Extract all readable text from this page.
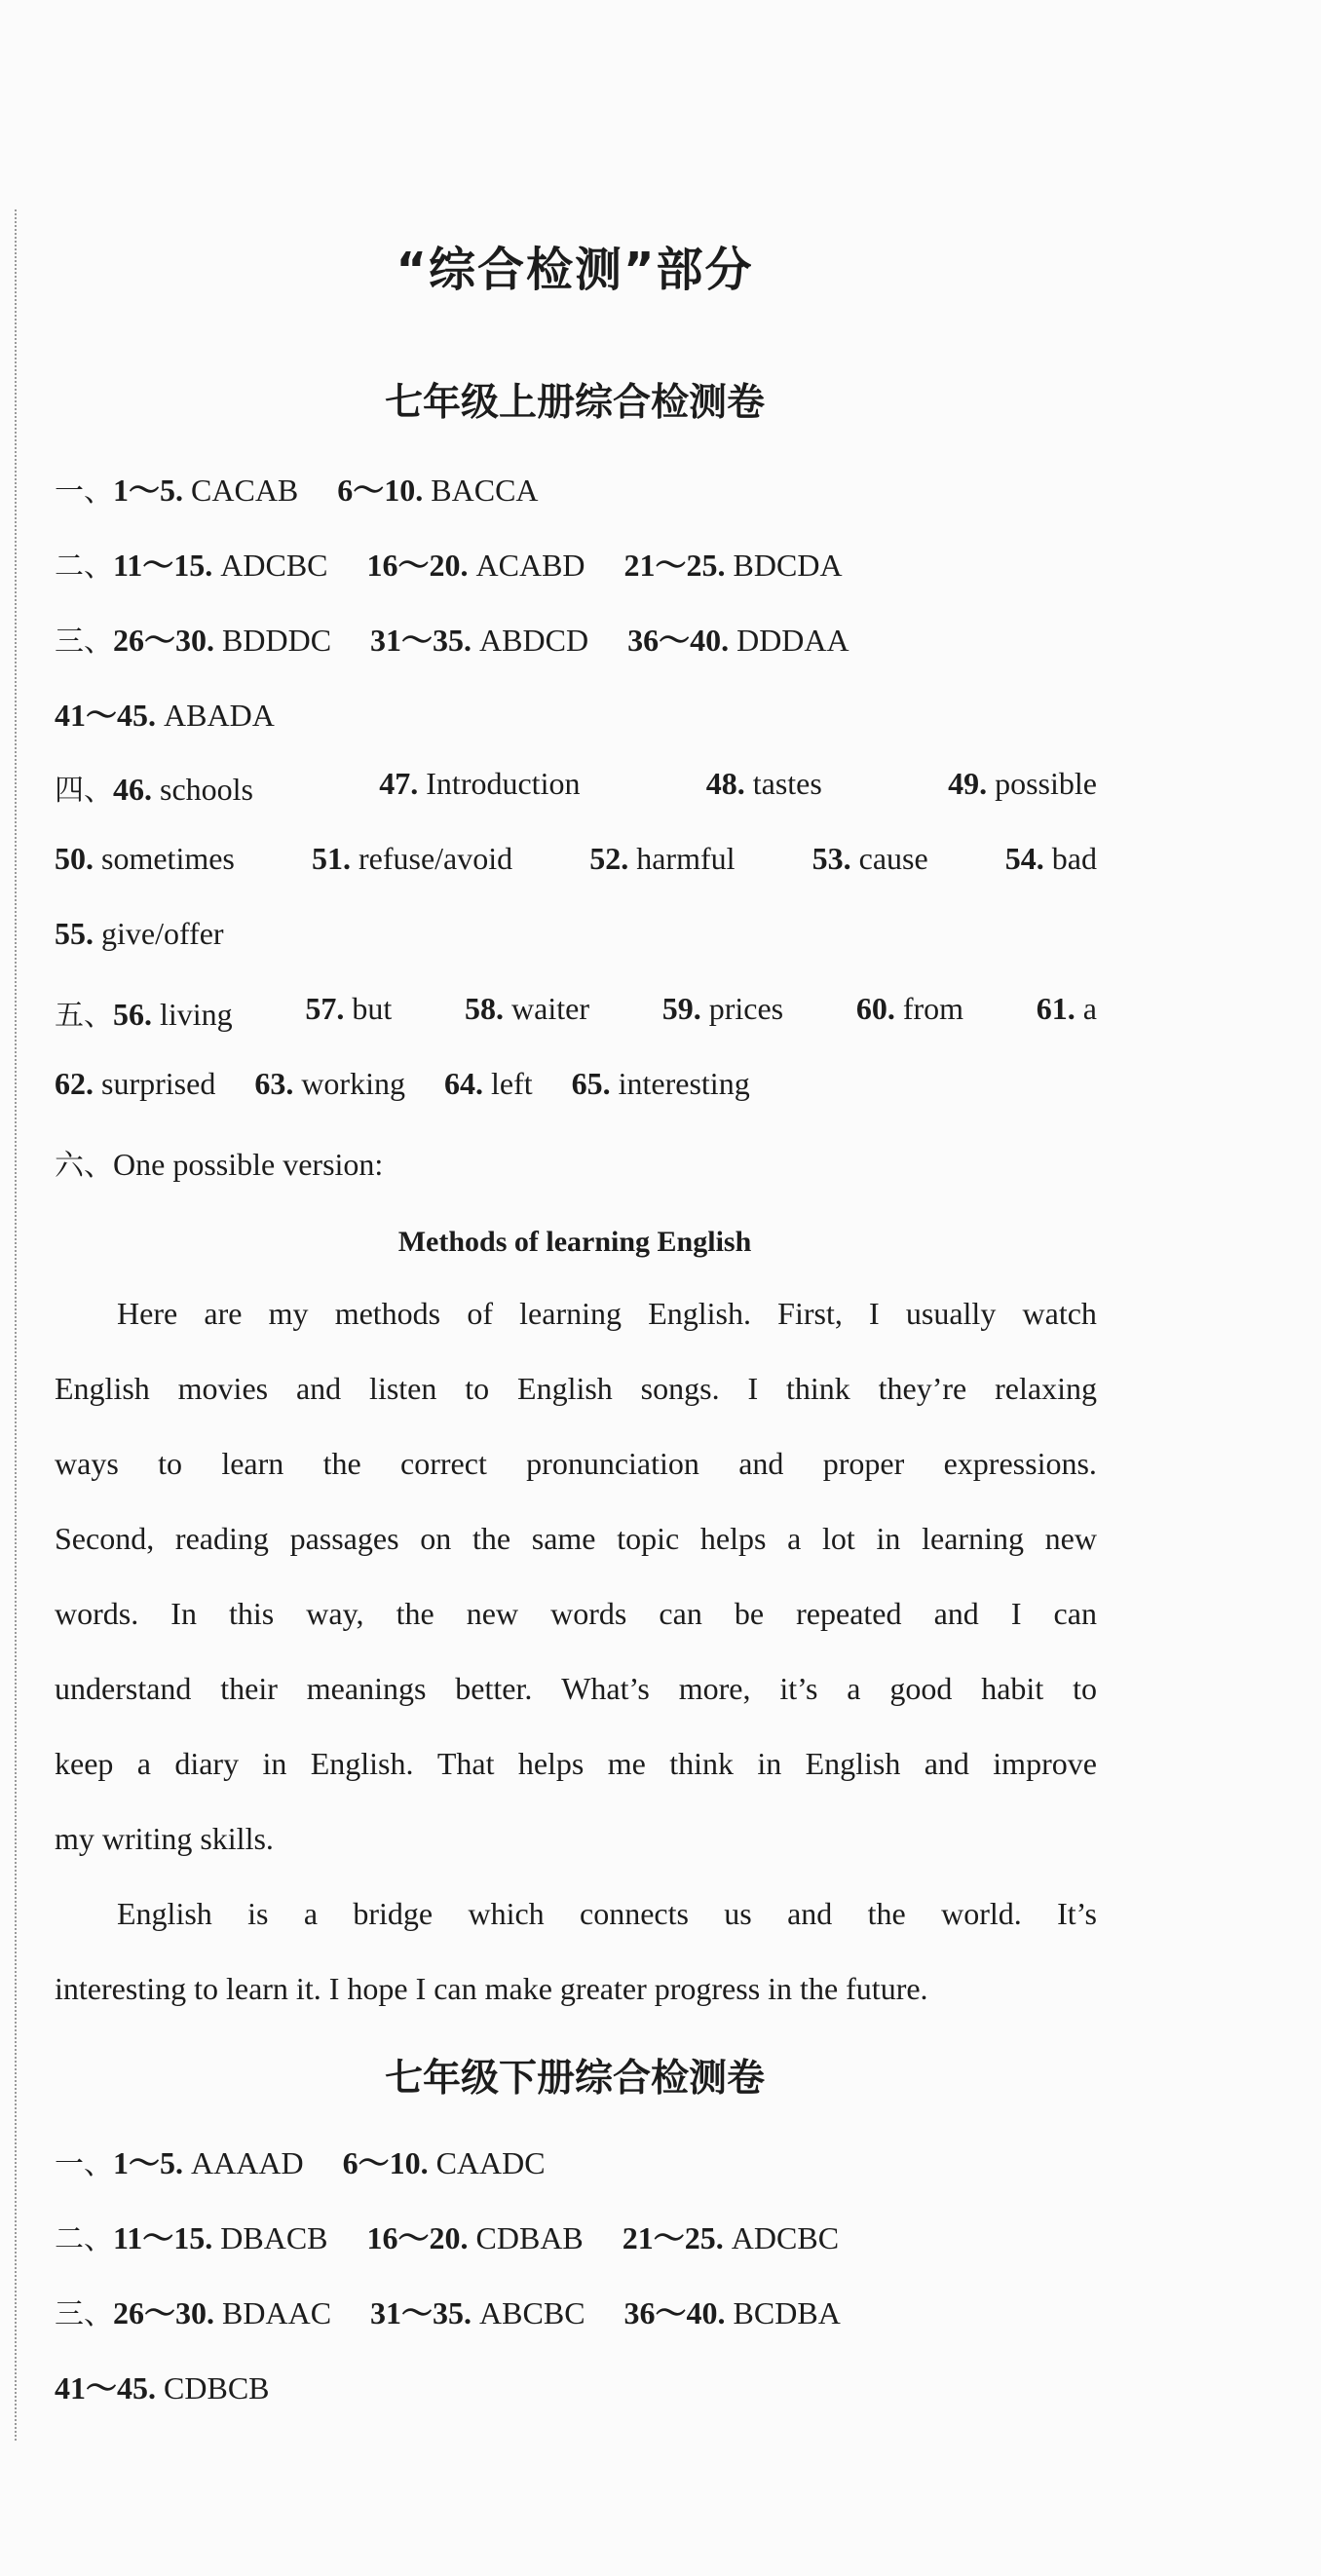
“综合检测”部分
七年级上册综合检测卷
一、1～5. CACAB 6～10. BACCA
二、11～15. ADCBC 16～20. ACABD 21～25. BDCDA
三、26～30. BDDDC 31～35. ABDCD 36～40. DDDAA
41～45. ABADA
四、46. schools	47. Introduction	48. tastes	49. possible
50. sometimes 51. refuse/avoid 52. harmful 53. cause 54. bad
55. give/offer
五、56. living 57. but 58. waiter 59. prices 60. from 61. a
62. surprised 63. working 64. left 65. interesting
六、One possible version:
Methods of learning English
Here are my methods of learning English. First, I usually watch
English movies and listen to English songs. I think they’re relaxing
ways to learn the correct pronunciation and proper expressions.
Second, reading passages on the same topic helps a lot in learning new
words. In this way, the new words can be repeated and I can
understand their meanings better. What’s more, it’s a good habit to
keep a diary in English. That helps me think in English and improve
my writing skills.
English is a bridge which connects us and the world. It’s
interesting to learn it. I hope I can make greater progress in the future.
七年级下册综合检测卷
一、1～5. AAAAD 6～10. CAADC
二、11～15. DBACB 16～20. CDBAB 21～25. ADCBC
三、26～30. BDAAC 31～35. ABCBC 36～40. BCDBA
41～45. CDBCB
